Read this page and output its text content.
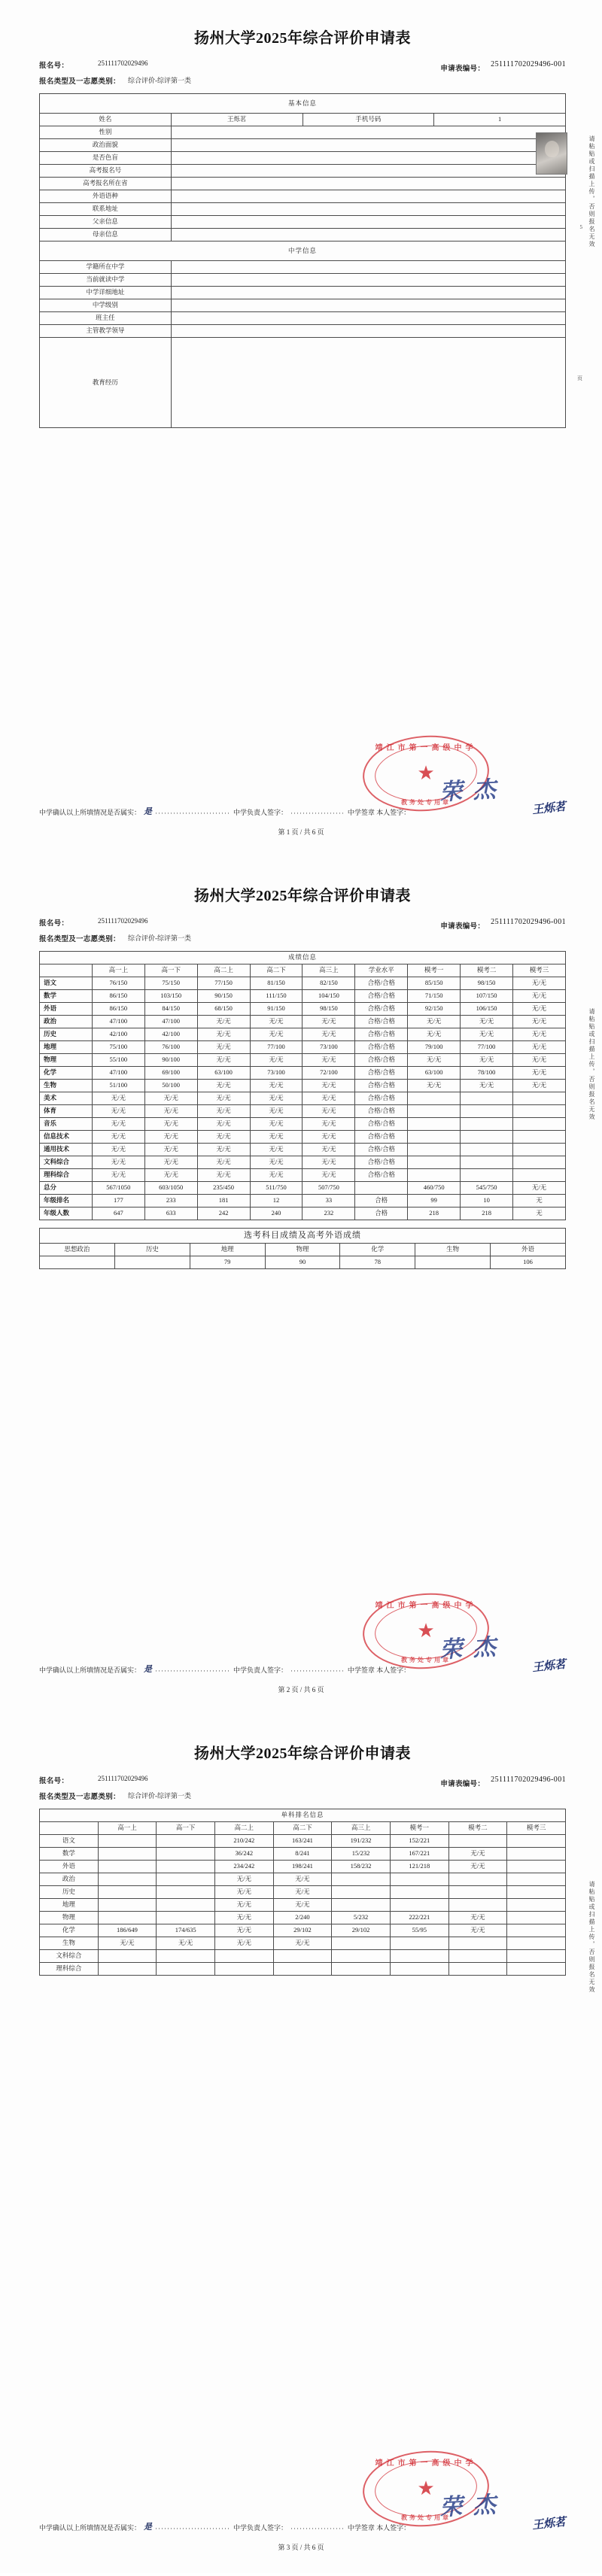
扬州大学2025年综合评价申请表
报名号：	251111702029496
申请表编号：
251111702029496-001
报名类型及一志愿类别：	综合评价-综评第一类
基本信息			
姓名	王烁茗	手机号码	1
性别			
政治面貌			
是否色盲			
高考报名号			
高考报名所在省			
外语语种			
联系地址			
父亲信息			
母亲信息			
中学信息			
学籍所在中学			
当前就读中学			
中学详细地址			
中学级别			
班主任			
主管教学领导			
教育经历			
请粘贴或扫描上传，否则报名无效
5
页
靖江市第一高级中学
★
教务处专用章
荣 杰
王烁茗
中学确认以上所填情况是否属实： 是 ························· 中学负责人签字： ·················· 中学签章 本人签字：
第 1 页 / 共 6 页
扬州大学2025年综合评价申请表
报名号：	251111702029496
申请表编号：
251111702029496-001
报名类型及一志愿类别：	综合评价-综评第一类
成绩信息									
	高一上	高一下	高二上	高二下	高三上	学业水平	模考一	模考二	模考三
语文	76/150	75/150	77/150	81/150	82/150	合格/合格	85/150	98/150	无/无
数学	86/150	103/150	90/150	111/150	104/150	合格/合格	71/150	107/150	无/无
外语	86/150	84/150	68/150	91/150	98/150	合格/合格	92/150	106/150	无/无
政治	47/100	47/100	无/无	无/无	无/无	合格/合格	无/无	无/无	无/无
历史	42/100	42/100	无/无	无/无	无/无	合格/合格	无/无	无/无	无/无
地理	75/100	76/100	无/无	77/100	73/100	合格/合格	79/100	77/100	无/无
物理	55/100	90/100	无/无	无/无	无/无	合格/合格	无/无	无/无	无/无
化学	47/100	69/100	63/100	73/100	72/100	合格/合格	63/100	78/100	无/无
生物	51/100	50/100	无/无	无/无	无/无	合格/合格	无/无	无/无	无/无
美术	无/无	无/无	无/无	无/无	无/无	合格/合格			
体育	无/无	无/无	无/无	无/无	无/无	合格/合格			
音乐	无/无	无/无	无/无	无/无	无/无	合格/合格			
信息技术	无/无	无/无	无/无	无/无	无/无	合格/合格			
通用技术	无/无	无/无	无/无	无/无	无/无	合格/合格			
文科综合	无/无	无/无	无/无	无/无	无/无	合格/合格			
理科综合	无/无	无/无	无/无	无/无	无/无	合格/合格			
总分	567/1050	603/1050	235/450	511/750	507/750		460/750	545/750	无/无
年级排名	177	233	181	12	33	合格	99	10	无
年级人数	647	633	242	240	232	合格	218	218	无
选考科目成绩及高考外语成绩						
思想政治	历史	地理	物理	化学	生物	外语
		79	90	78		106
请粘贴或扫描上传，否则报名无效
靖江市第一高级中学
★
教务处专用章
荣 杰
王烁茗
中学确认以上所填情况是否属实： 是 ························· 中学负责人签字： ·················· 中学签章 本人签字：
第 2 页 / 共 6 页
扬州大学2025年综合评价申请表
报名号：	251111702029496
申请表编号：
251111702029496-001
报名类型及一志愿类别：	综合评价-综评第一类
单科排名信息								
	高一上	高一下	高二上	高二下	高三上	模考一	模考二	模考三
语文			210/242	163/241	191/232	152/221		
数学			36/242	8/241	15/232	167/221	无/无	
外语			234/242	198/241	158/232	121/218	无/无	
政治			无/无	无/无				
历史			无/无	无/无				
地理			无/无	无/无				
物理			无/无	2/240	5/232	222/221	无/无	
化学	186/649	174/635	无/无	29/102	29/102	55/95	无/无	
生物	无/无	无/无	无/无	无/无				
文科综合								
理科综合									请粘贴或扫描上传，否则报名无效
靖江市第一高级中学
★
教务处专用章
荣 杰
王烁茗
中学确认以上所填情况是否属实： 是 ························· 中学负责人签字： ·················· 中学签章 本人签字：
第 3 页 / 共 6 页
